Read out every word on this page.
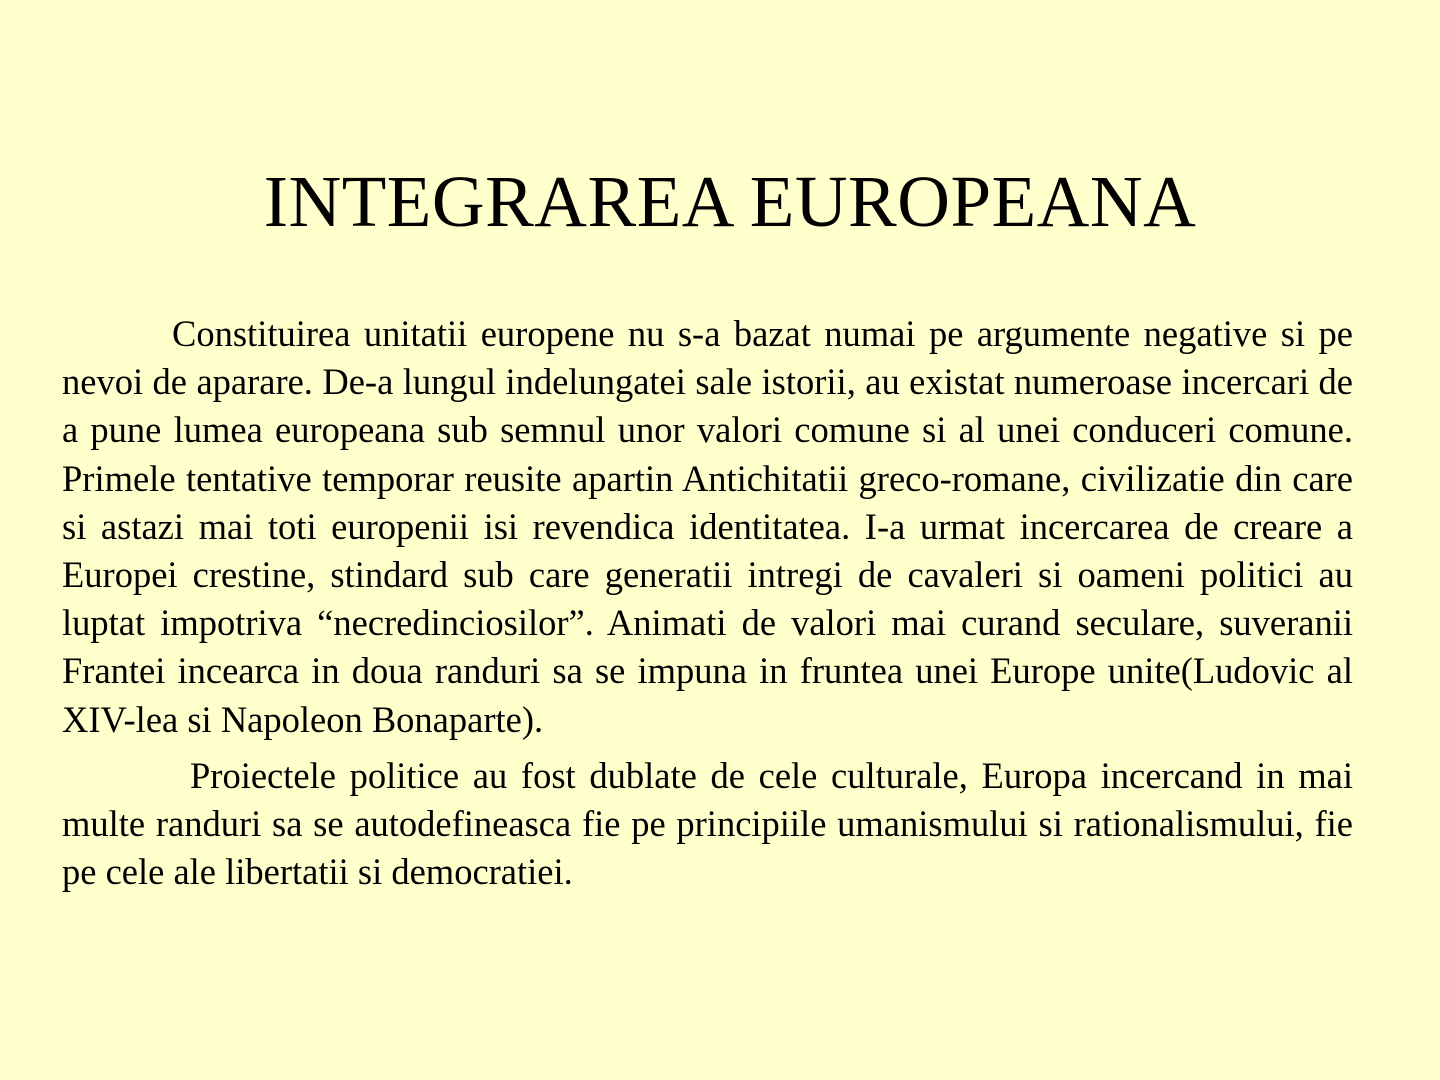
INTEGRAREA EUROPEANA

Constituirea unitatii europene nu s-a bazat numai pe argumente negative si pe nevoi de aparare. De-a lungul indelungatei sale istorii, au existat numeroase incercari de a pune lumea europeana sub semnul unor valori comune si al unei conduceri comune. Primele tentative temporar reusite apartin Antichitatii greco-romane, civilizatie din care si astazi mai toti europenii isi revendica identitatea. I-a urmat incercarea de creare a Europei crestine, stindard sub care generatii intregi de cavaleri si oameni politici au luptat impotriva “necredinciosilor”. Animati de valori mai curand seculare, suveranii Frantei incearca in doua randuri sa se impuna in fruntea unei Europe unite(Ludovic al XIV-lea si Napoleon Bonaparte).

Proiectele politice au fost dublate de cele culturale, Europa incercand in mai multe randuri sa se autodefineasca fie pe principiile umanismului si rationalismului, fie pe cele ale libertatii si democratiei.
